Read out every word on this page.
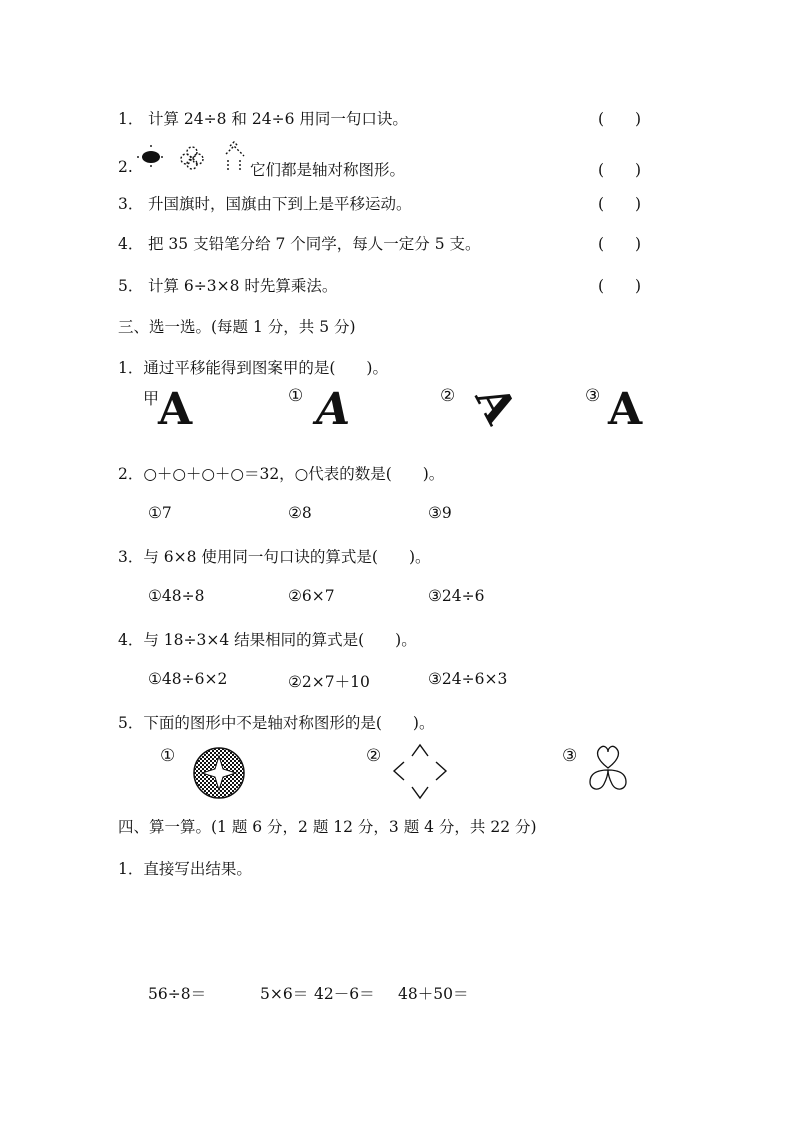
1． 计算 24÷8 和 24÷6 用同一句口诀。	(　　)
2.	它们都是轴对称图形。	(　　)
3． 升国旗时，国旗由下到上是平移运动。	(　　)
4． 把 35 支铅笔分给 7 个同学，每人一定分 5 支。	(　　)
5． 计算 6÷3×8 时先算乘法。	(　　)
三、选一选。(每题 1 分，共 5 分)
1．通过平移能得到图案甲的是(　　)。
甲
A	① A	② A	③ A
2．○＋○＋○＋○＝32，○代表的数是(　　)。
①7	②8	③9
3．与 6×8 使用同一句口诀的算式是(　　)。
①48÷8	②6×7	③24÷6
4．与 18÷3×4 结果相同的算式是(　　)。
①48÷6×2	②2×7＋10	③24÷6×3
5．下面的图形中不是轴对称图形的是(　　)。
①	②	③
四、算一算。(1 题 6 分，2 题 12 分，3 题 4 分，共 22 分)
1．直接写出结果。
56÷8＝	5×6＝ 42－6＝ 48＋50＝
